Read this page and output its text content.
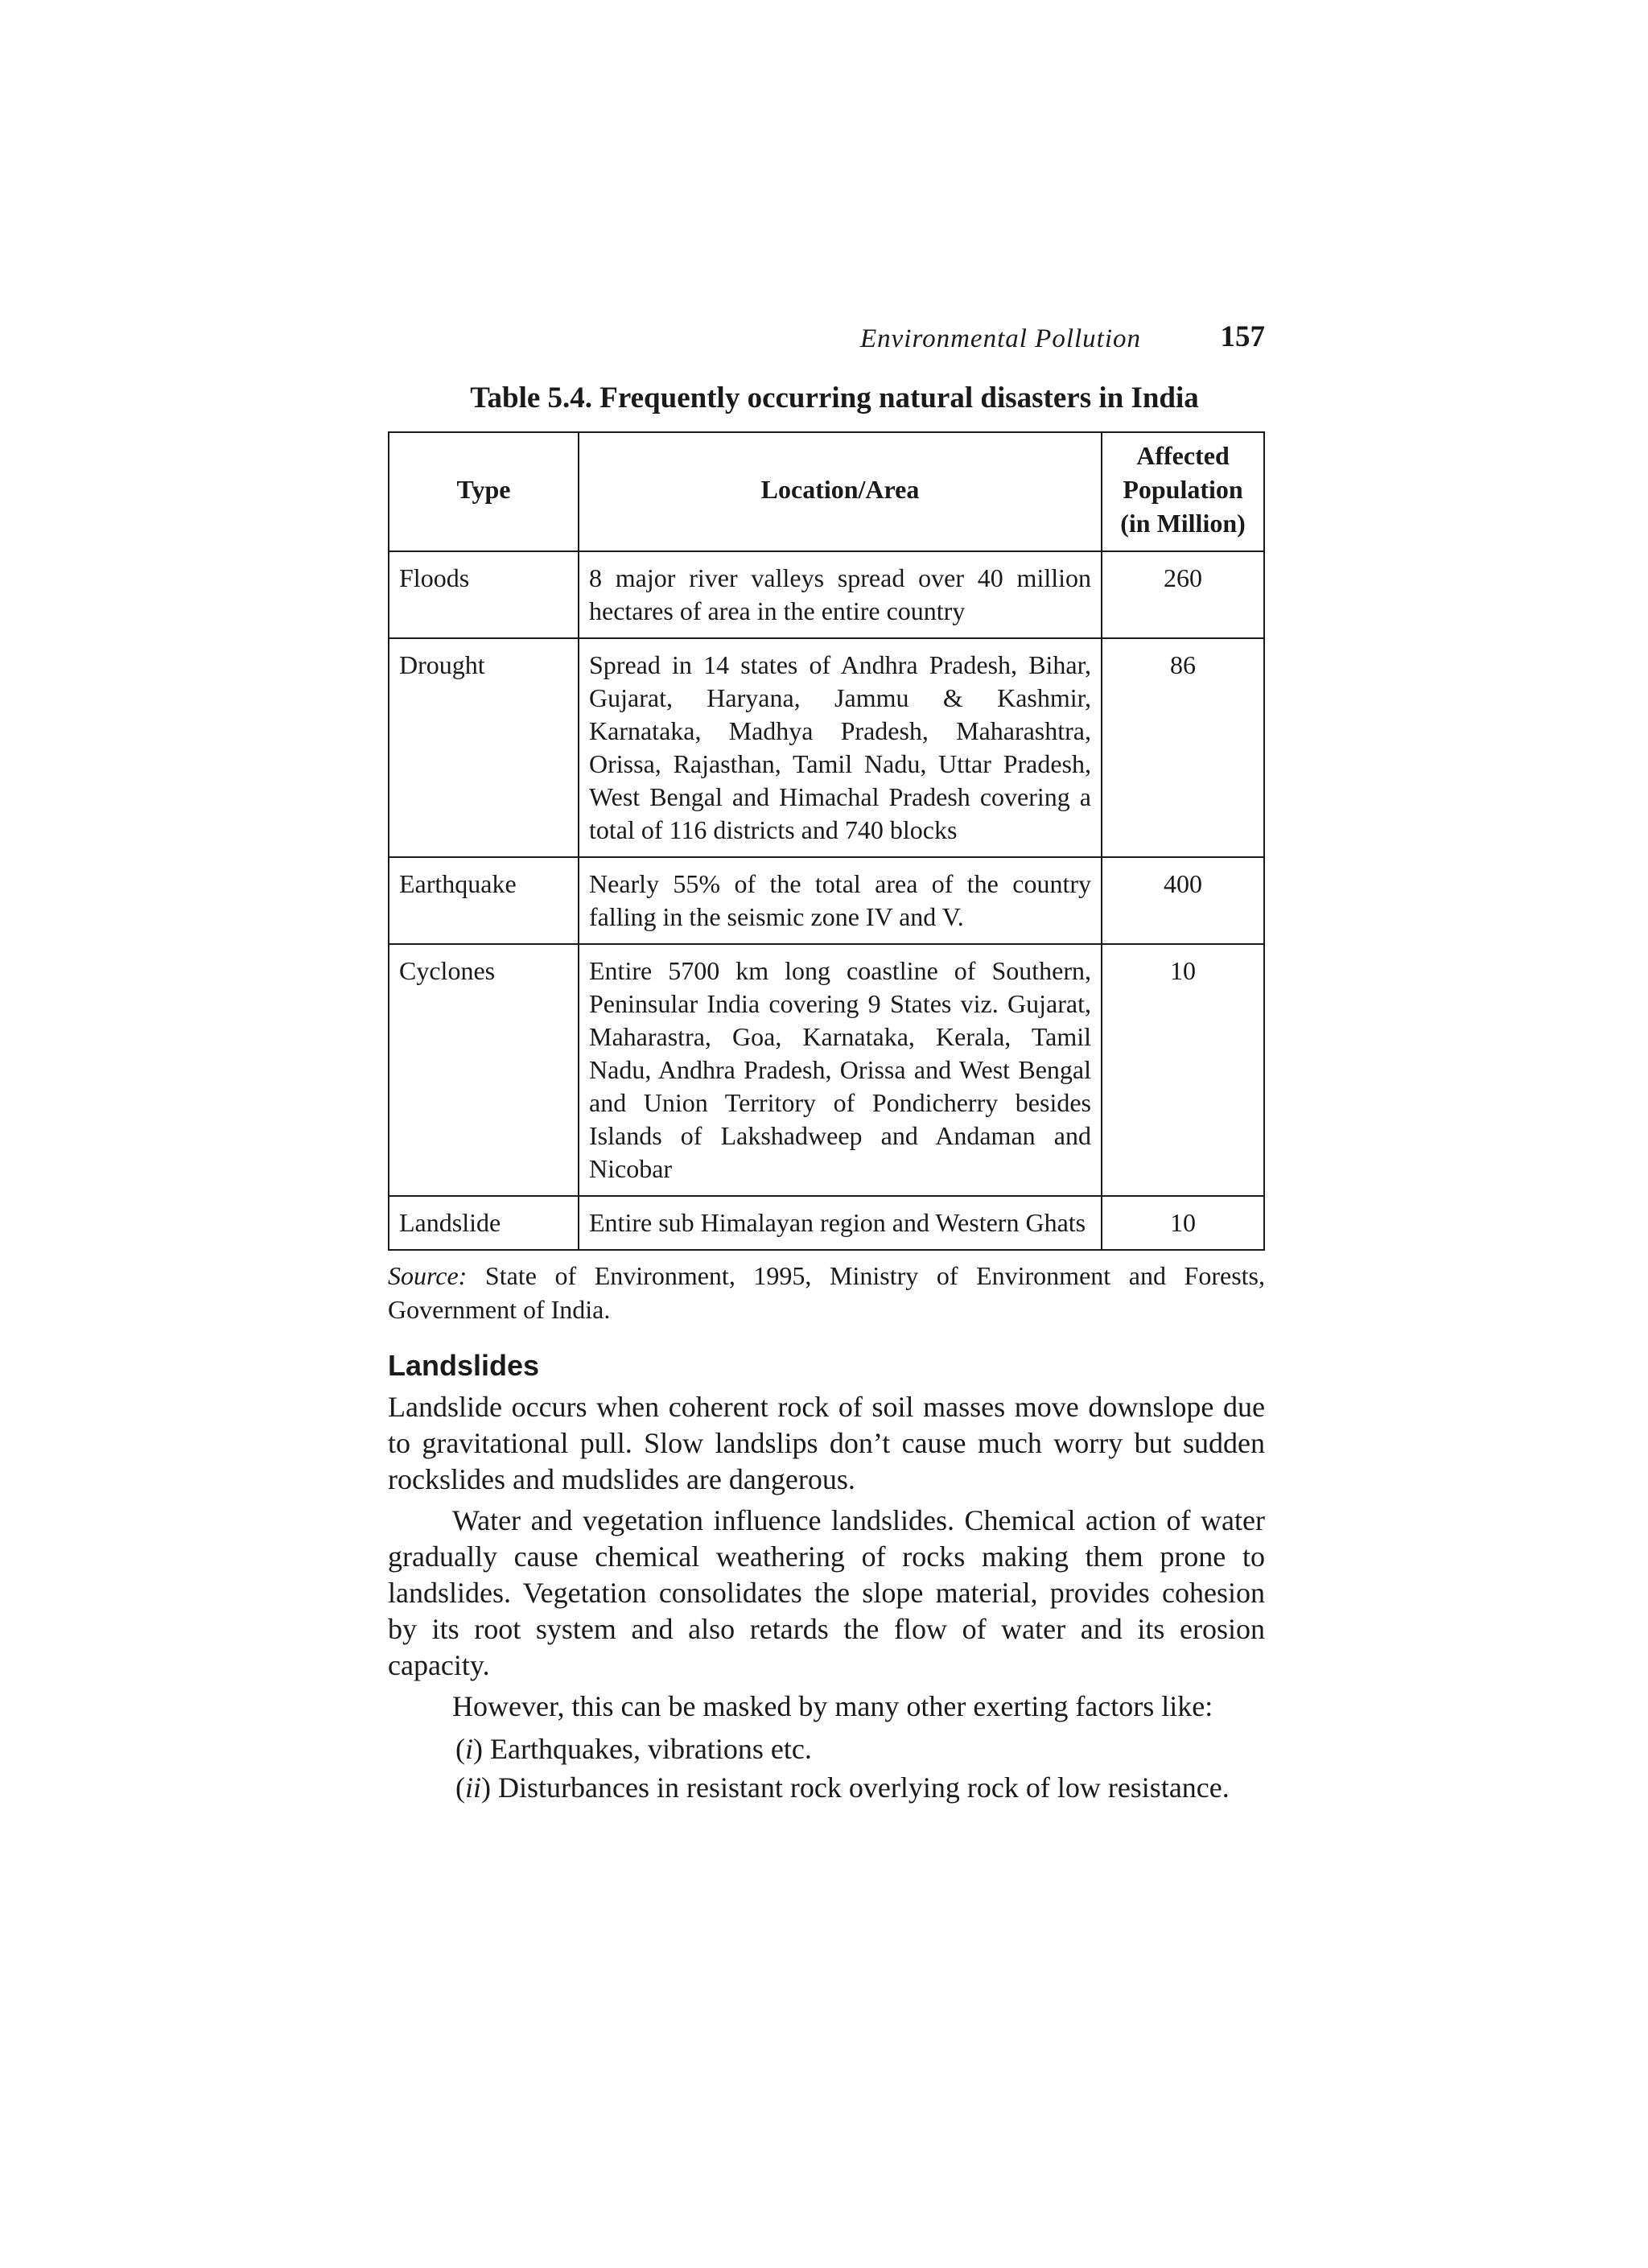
Environmental Pollution	157
Table 5.4. Frequently occurring natural disasters in India
Type	Location/Area	Affected Population (in Million)
Floods	8 major river valleys spread over 40 million hectares of area in the entire country	260
Drought	Spread in 14 states of Andhra Pradesh, Bihar, Gujarat, Haryana, Jammu & Kashmir, Karnataka, Madhya Pradesh, Maharashtra, Orissa, Rajasthan, Tamil Nadu, Uttar Pradesh, West Bengal and Himachal Pradesh covering a total of 116 districts and 740 blocks	86
Earthquake	Nearly 55% of the total area of the country falling in the seismic zone IV and V.	400
Cyclones	Entire 5700 km long coastline of Southern, Peninsular India covering 9 States viz. Gujarat, Maharastra, Goa, Karnataka, Kerala, Tamil Nadu, Andhra Pradesh, Orissa and West Bengal and Union Territory of Pondicherry besides Islands of Lakshadweep and Andaman and Nicobar	10
Landslide	Entire sub Himalayan region and Western Ghats	10
Source: State of Environment, 1995, Ministry of Environment and Forests, Government of India.
Landslides

Landslide occurs when coherent rock of soil masses move downslope due to gravitational pull. Slow landslips don’t cause much worry but sudden rockslides and mudslides are dangerous.

Water and vegetation influence landslides. Chemical action of water gradually cause chemical weathering of rocks making them prone to landslides. Vegetation consolidates the slope material, provides cohesion by its root system and also retards the flow of water and its erosion capacity.

However, this can be masked by many other exerting factors like:

(i) Earthquakes, vibrations etc.
(ii) Disturbances in resistant rock overlying rock of low resistance.
